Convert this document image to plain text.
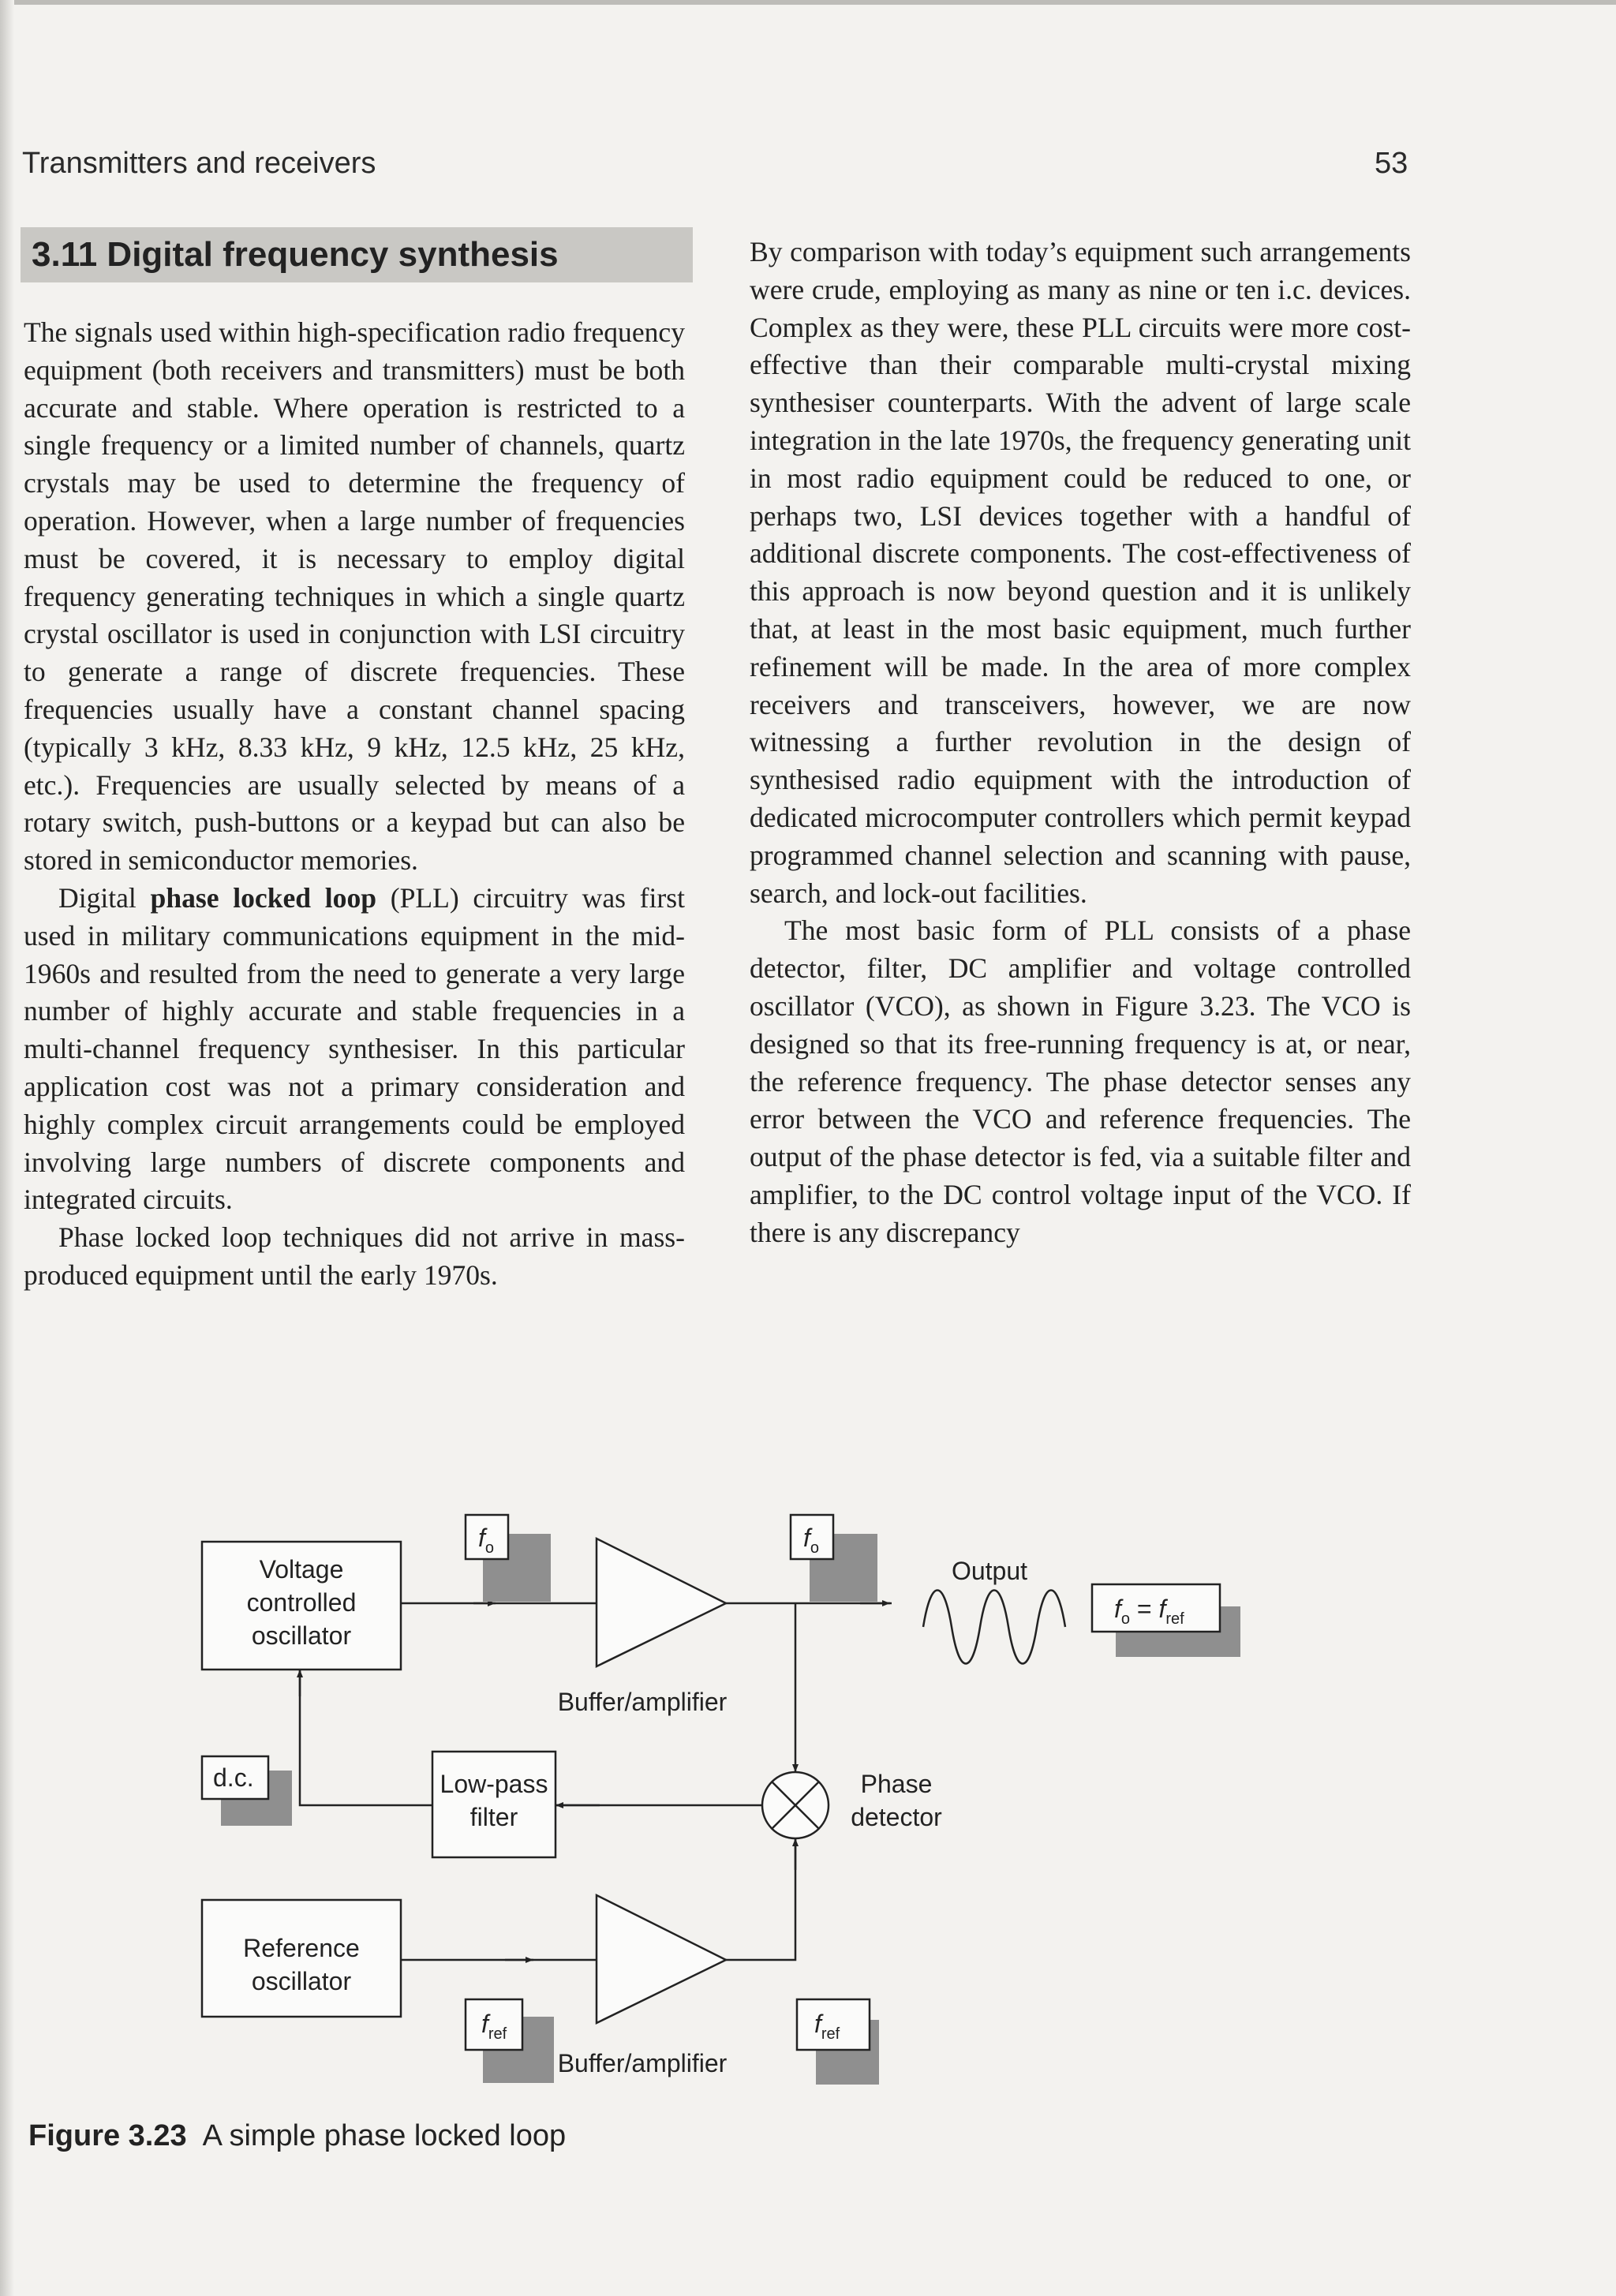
Transmitters and receivers	53
3.11 Digital frequency synthesis

The signals used within high-specification radio frequency equipment (both receivers and transmitters) must be both accurate and stable. Where operation is restricted to a single frequency or a limited number of channels, quartz crystals may be used to determine the frequency of operation. However, when a large number of frequencies must be covered, it is necessary to employ digital frequency generating techniques in which a single quartz crystal oscillator is used in conjunction with LSI circuitry to generate a range of discrete frequencies. These frequencies usually have a constant channel spacing (typically 3 kHz, 8.33 kHz, 9 kHz, 12.5 kHz, 25 kHz, etc.). Frequencies are usually selected by means of a rotary switch, push-buttons or a keypad but can also be stored in semiconductor memories.

Digital phase locked loop (PLL) circuitry was first used in military communications equipment in the mid-1960s and resulted from the need to generate a very large number of highly accurate and stable frequencies in a multi-channel frequency synthesiser. In this particular application cost was not a primary consideration and highly complex circuit arrangements could be employed involving large numbers of discrete components and integrated circuits.

Phase locked loop techniques did not arrive in mass-produced equipment until the early 1970s.

By comparison with today’s equipment such arrangements were crude, employing as many as nine or ten i.c. devices. Complex as they were, these PLL circuits were more cost-effective than their comparable multi-crystal mixing synthesiser counterparts. With the advent of large scale integration in the late 1970s, the frequency generating unit in most radio equipment could be reduced to one, or perhaps two, LSI devices together with a handful of additional discrete components. The cost-effectiveness of this approach is now beyond question and it is unlikely that, at least in the most basic equipment, much further refinement will be made. In the area of more complex receivers and transceivers, however, we are now witnessing a further revolution in the design of synthesised radio equipment with the introduction of dedicated microcomputer controllers which permit keypad programmed channel selection and scanning with pause, search, and lock-out facilities.

The most basic form of PLL consists of a phase detector, filter, DC amplifier and voltage controlled oscillator (VCO), as shown in Figure 3.23. The VCO is designed so that its free-running frequency is at, or near, the reference frequency. The phase detector senses any error between the VCO and reference frequencies. The output of the phase detector is fed, via a suitable filter and amplifier, to the DC control voltage input of the VCO. If there is any discrepancy

$f_o$	$f_o$
$f_o = f_{ref}$
d.c.
$f_{ref}$	$f_{ref}$
Voltage
controlled
oscillator
Reference
oscillator
Low-pass
filter
Buffer/amplifier
Buffer/amplifier
Phase
detector
Output
Figure 3.23 A simple phase locked loop
